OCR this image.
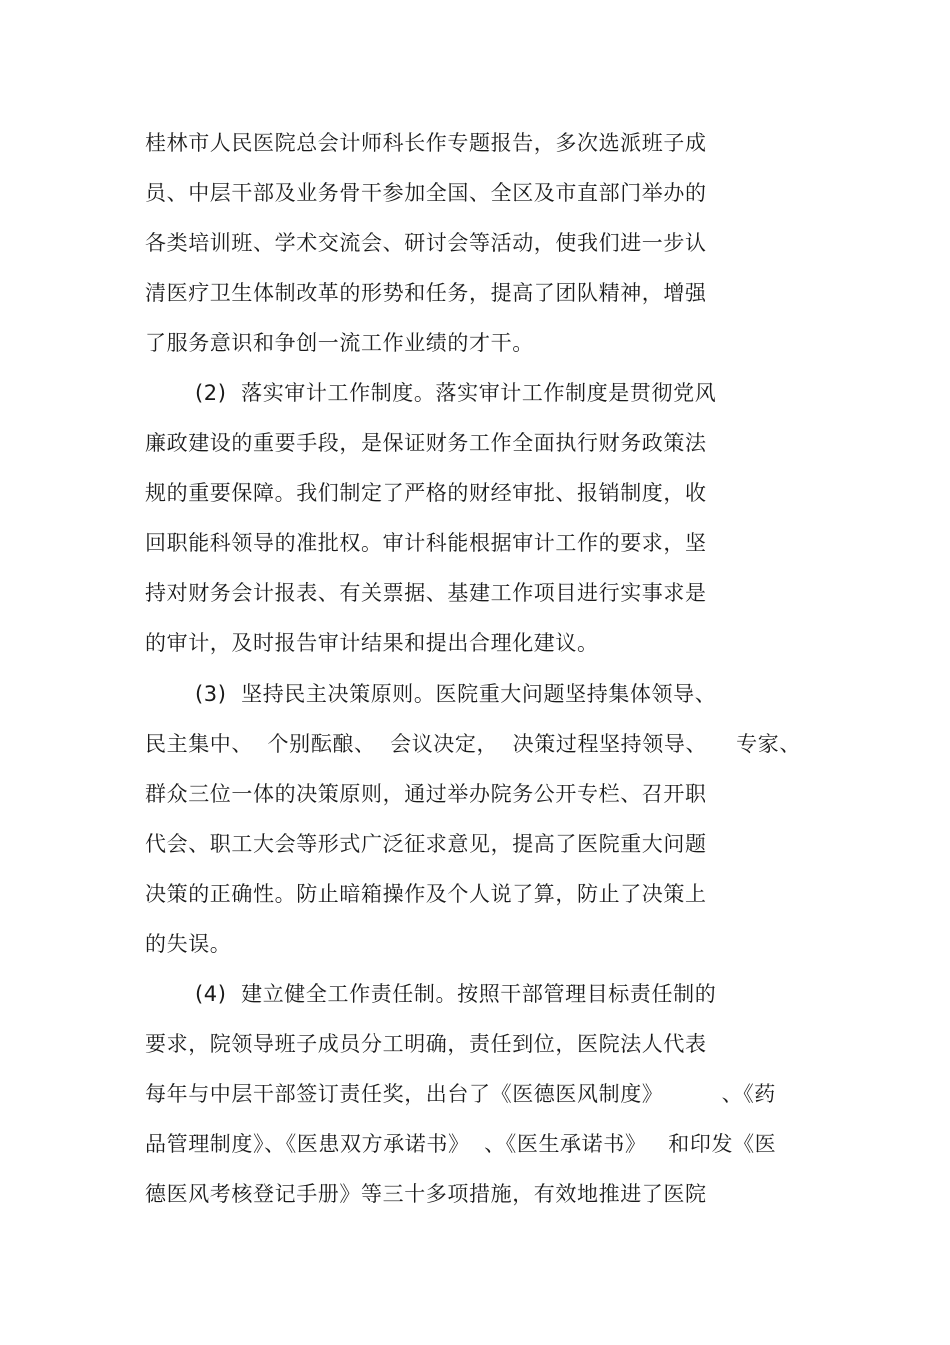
桂林市人民医院总会计师科长作专题报告，多次选派班子成
员、中层干部及业务骨干参加全国、全区及市直部门举办的
各类培训班、学术交流会、研讨会等活动，使我们进一步认
清医疗卫生体制改革的形势和任务，提高了团队精神，增强
了服务意识和争创一流工作业绩的才干。
(2)  落实审计工作制度。落实审计工作制度是贯彻党风
廉政建设的重要手段，是保证财务工作全面执行财务政策法
规的重要保障。我们制定了严格的财经审批、报销制度，收
回职能科领导的准批权。审计科能根据审计工作的要求，坚
持对财务会计报表、有关票据、基建工作项目进行实事求是
的审计，及时报告审计结果和提出合理化建议。
(3)  坚持民主决策原则。医院重大问题坚持集体领导、
民主集中、  个别酝酿、  会议决定，  决策过程坚持领导、    专家、
群众三位一体的决策原则，通过举办院务公开专栏、召开职
代会、职工大会等形式广泛征求意见，提高了医院重大问题
决策的正确性。防止暗箱操作及个人说了算，防止了决策上
的失误。
(4)  建立健全工作责任制。按照干部管理目标责任制的
要求，院领导班子成员分工明确，责任到位，医院法人代表
每年与中层干部签订责任奖，出台了《医德医风制度》        、《药
品管理制度》、《医患双方承诺书》  、《医生承诺书》   和印发《医
德医风考核登记手册》等三十多项措施，有效地推进了医院
